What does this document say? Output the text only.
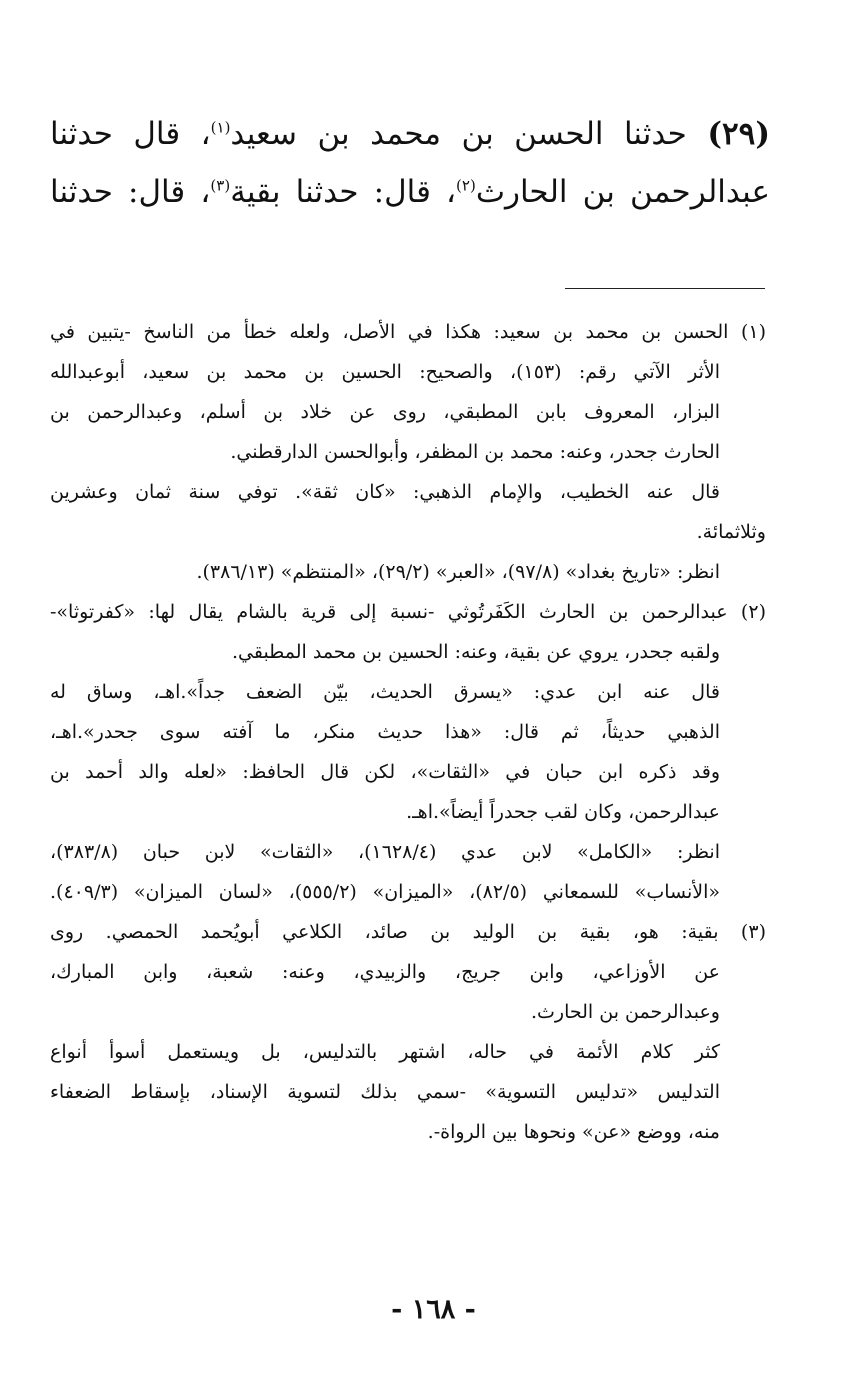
(٢٩) حدثنا الحسن بن محمد بن سعيد$^{(١)}$، قال حدثنا
عبدالرحمن بن الحارث$^{(٢)}$، قال: حدثنا بقية$^{(٣)}$، قال: حدثنا
(١) الحسن بن محمد بن سعيد: هكذا في الأصل، ولعله خطأ من الناسخ -يتبين في
الأثر الآتي رقم: (١٥٣)، والصحيح: الحسين بن محمد بن سعيد، أبوعبدالله
البزار، المعروف بابن المطبقي، روى عن خلاد بن أسلم، وعبدالرحمن بن
الحارث جحدر، وعنه: محمد بن المظفر، وأبوالحسن الدارقطني.
قال عنه الخطيب، والإمام الذهبي: «كان ثقة». توفي سنة ثمان وعشرين
وثلاثمائة.
انظر: «تاريخ بغداد» (٩٧/٨)، «العبر» (٢٩/٢)، «المنتظم» (٣٨٦/١٣).
(٢) عبدالرحمن بن الحارث الكَفَرتُوثي -نسبة إلى قرية بالشام يقال لها: «كفرتوثا»-
ولقبه جحدر، يروي عن بقية، وعنه: الحسين بن محمد المطبقي.
قال عنه ابن عدي: «يسرق الحديث، بيّن الضعف جداً».اهـ، وساق له
الذهبي حديثاً، ثم قال: «هذا حديث منكر، ما آفته سوى جحدر».اهـ،
وقد ذكره ابن حبان في «الثقات»، لكن قال الحافظ: «لعله والد أحمد بن
عبدالرحمن، وكان لقب جحدراً أيضاً».اهـ.
انظر: «الكامل» لابن عدي (١٦٢٨/٤)، «الثقات» لابن حبان (٣٨٣/٨)،
«الأنساب» للسمعاني (٨٢/٥)، «الميزان» (٥٥٥/٢)، «لسان الميزان» (٤٠٩/٣).
(٣) بقية: هو، بقية بن الوليد بن صائد، الكلاعي أبويُحمد الحمصي. روى
عن الأوزاعي، وابن جريج، والزبيدي، وعنه: شعبة، وابن المبارك،
وعبدالرحمن بن الحارث.
كثر كلام الأئمة في حاله، اشتهر بالتدليس، بل ويستعمل أسوأ أنواع
التدليس «تدليس التسوية» -سمي بذلك لتسوية الإسناد، بإسقاط الضعفاء
منه، ووضع «عن» ونحوها بين الرواة-.
- ١٦٨ -
